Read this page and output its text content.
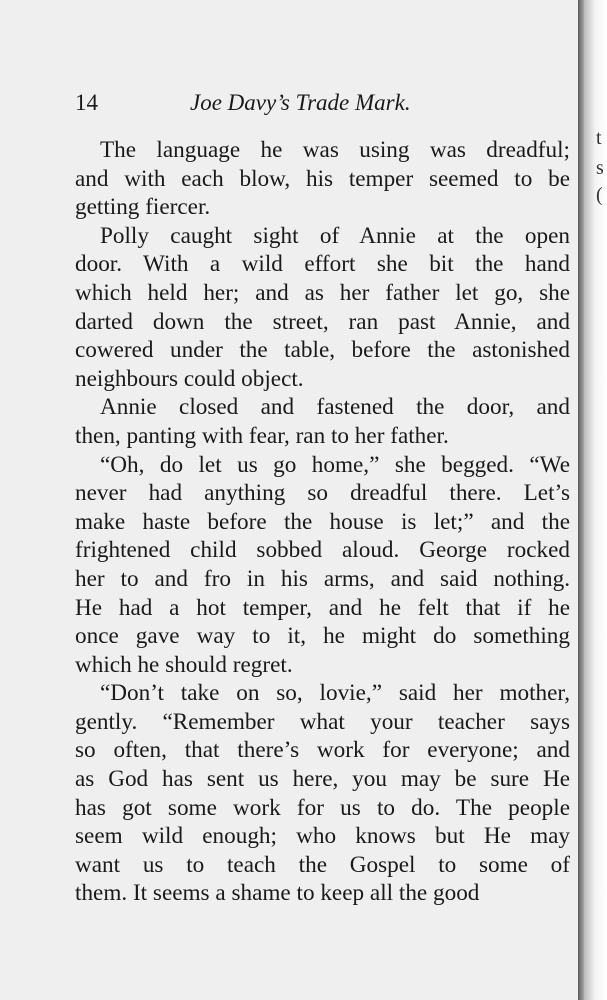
14	Joe Davy’s Trade Mark.
The language he was using was dreadful;
and with each blow, his temper seemed to be
getting fiercer.
Polly caught sight of Annie at the open
door. With a wild effort she bit the hand
which held her; and as her father let go, she
darted down the street, ran past Annie, and
cowered under the table, before the astonished
neighbours could object.
Annie closed and fastened the door, and
then, panting with fear, ran to her father.
“Oh, do let us go home,” she begged. “We
never had anything so dreadful there. Let’s
make haste before the house is let;” and the
frightened child sobbed aloud. George rocked
her to and fro in his arms, and said nothing.
He had a hot temper, and he felt that if he
once gave way to it, he might do something
which he should regret.
“Don’t take on so, lovie,” said her mother,
gently. “Remember what your teacher says
so often, that there’s work for everyone; and
as God has sent us here, you may be sure He
has got some work for us to do. The people
seem wild enough; who knows but He may
want us to teach the Gospel to some of
them. It seems a shame to keep all the good
t
s
(
